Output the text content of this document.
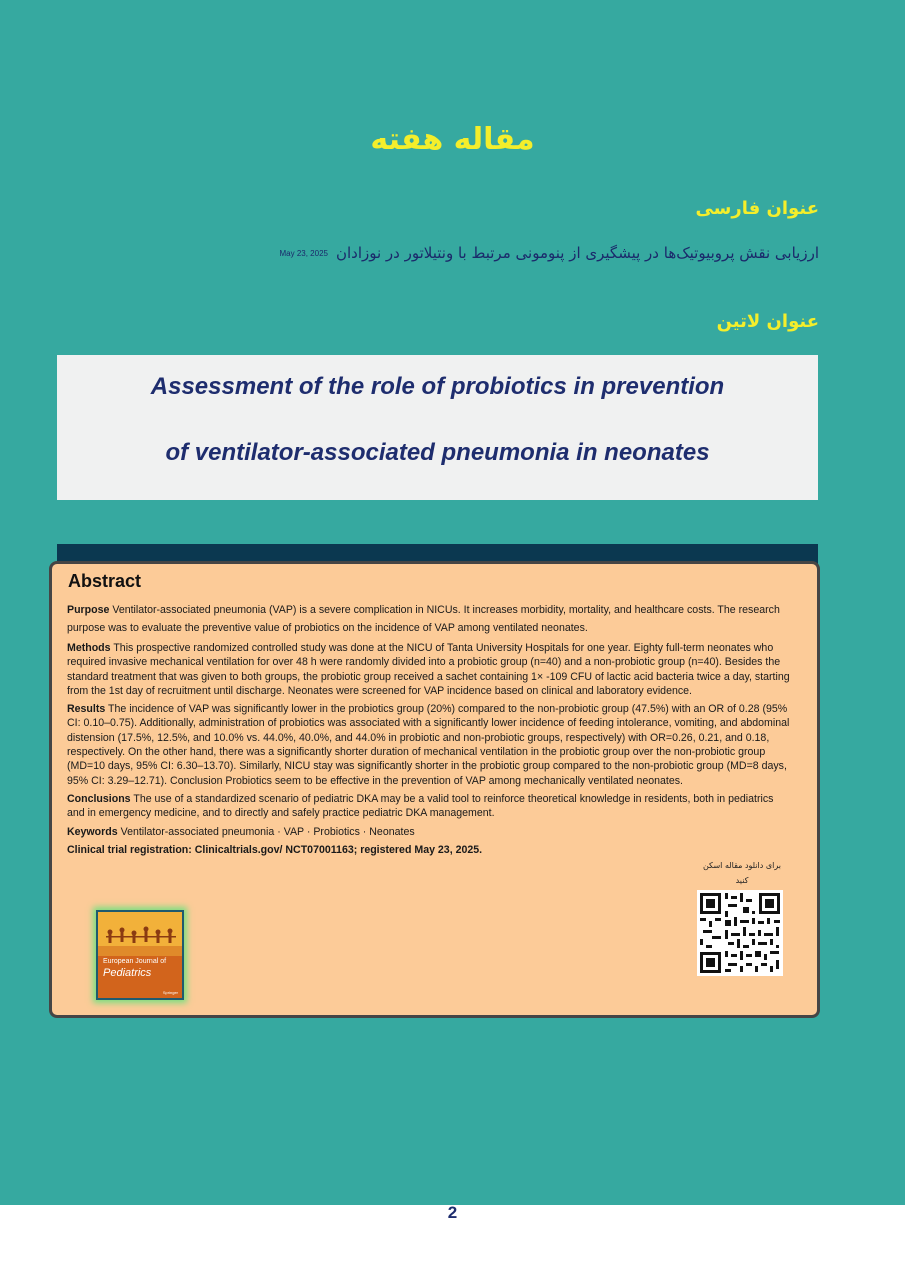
مقاله هفته
عنوان فارسی
ارزیابی نقش پروبیوتیک‌ها در پیشگیری از پنومونی مرتبط با ونتیلاتور در نوزادان
May 23, 2025
عنوان لاتین
Assessment of the role of probiotics in prevention
of ventilator-associated pneumonia in neonates
Abstract

Purpose Ventilator-associated pneumonia (VAP) is a severe complication in NICUs. It increases morbidity, mortality, and healthcare costs. The research purpose was to evaluate the preventive value of probiotics on the incidence of VAP among ventilated neonates.

Methods This prospective randomized controlled study was done at the NICU of Tanta University Hospitals for one year. Eighty full-term neonates who required invasive mechanical ventilation for over 48 h were randomly divided into a probiotic group (n=40) and a non-probiotic group (n=40). Besides the standard treatment that was given to both groups, the probiotic group received a sachet containing 1× -109 CFU of lactic acid bacteria twice a day, starting from the 1st day of recruitment until discharge. Neonates were screened for VAP incidence based on clinical and laboratory evidence.

Results The incidence of VAP was significantly lower in the probiotics group (20%) compared to the non-probiotic group (47.5%) with an OR of 0.28 (95% CI: 0.10–0.75). Additionally, administration of probiotics was associated with a significantly lower incidence of feeding intolerance, vomiting, and abdominal distension (17.5%, 12.5%, and 10.0% vs. 44.0%, 40.0%, and 44.0% in probiotic and non-probiotic groups, respectively) with OR=0.26, 0.21, and 0.18, respectively. On the other hand, there was a significantly shorter duration of mechanical ventilation in the probiotic group over the non-probiotic group (MD=10 days, 95% CI: 6.30–13.70). Similarly, NICU stay was significantly shorter in the probiotic group compared to the non-probiotic group (MD=8 days, 95% CI: 3.29–12.71). Conclusion Probiotics seem to be effective in the prevention of VAP among mechanically ventilated neonates.

Conclusions The use of a standardized scenario of pediatric DKA may be a valid tool to reinforce theoretical knowledge in residents, both in pediatrics and in emergency medicine, and to directly and safely practice pediatric DKA management.

Keywords Ventilator-associated pneumonia · VAP · Probiotics · Neonates

Clinical trial registration: Clinicaltrials.gov/ NCT07001163; registered May 23, 2025.

برای دانلود مقاله اسکن
کنید
European Journal of
Pediatrics
Springer
2
